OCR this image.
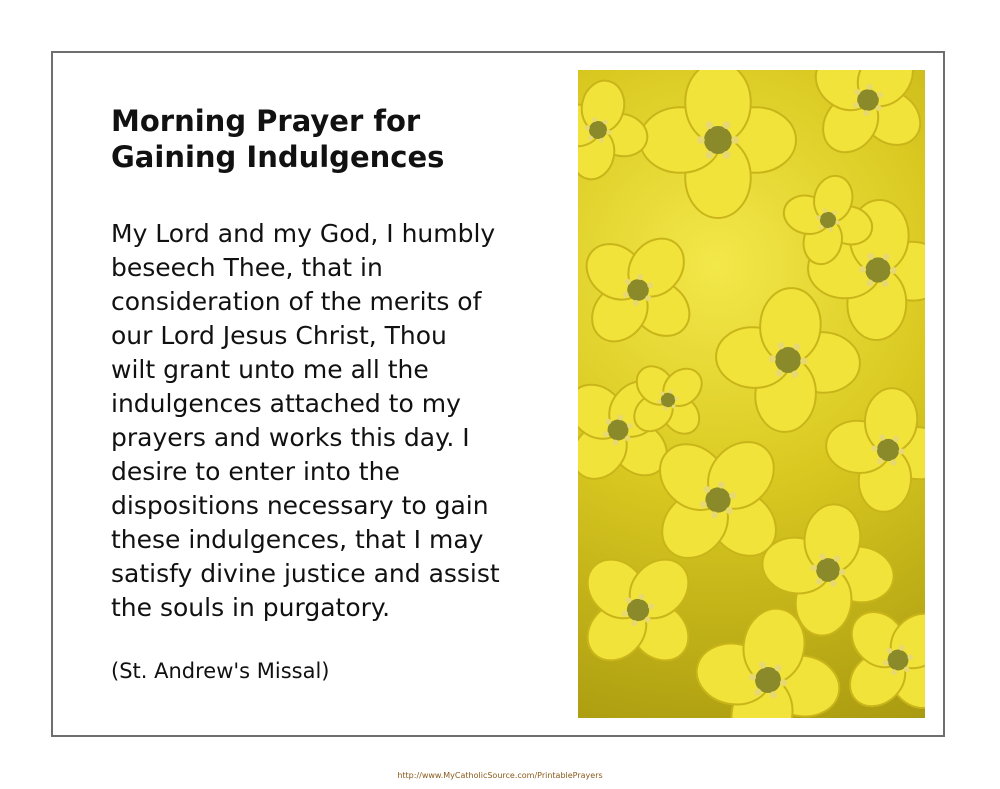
Morning Prayer for
Gaining Indulgences

My Lord and my God, I humbly
beseech Thee, that in
consideration of the merits of
our Lord Jesus Christ, Thou
wilt grant unto me all the
indulgences attached to my
prayers and works this day. I
desire to enter into the
dispositions necessary to gain
these indulgences, that I may
satisfy divine justice and assist
the souls in purgatory.

(St. Andrew's Missal)

http://www.MyCatholicSource.com/PrintablePrayers
